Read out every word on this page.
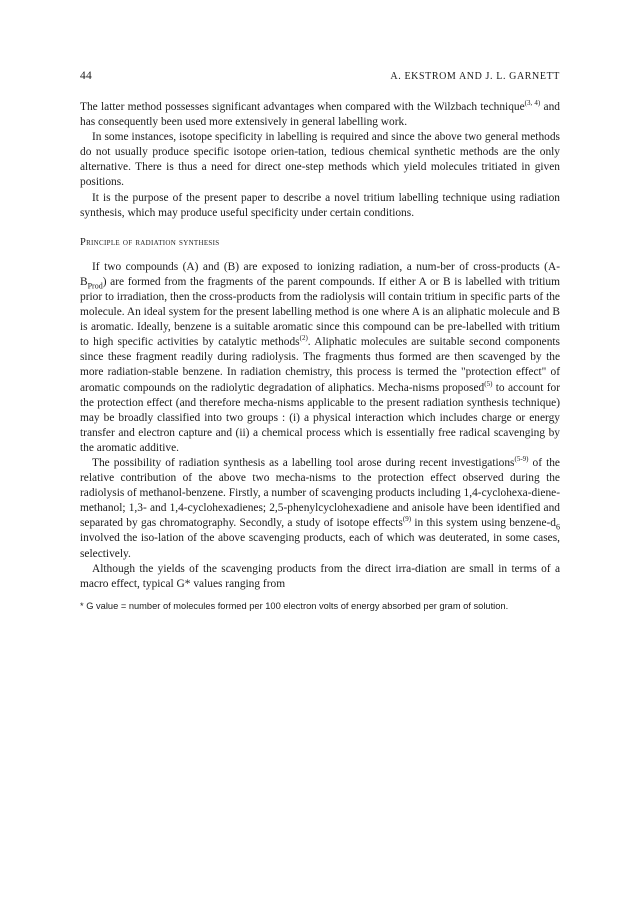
44	A. EKSTROM AND J. L. GARNETT

The latter method possesses significant advantages when compared with the Wilzbach technique$^{(3, 4)}$ and has consequently been used more extensively in general labelling work.

In some instances, isotope specificity in labelling is required and since the above two general methods do not usually produce specific isotope orien-tation, tedious chemical synthetic methods are the only alternative. There is thus a need for direct one-step methods which yield molecules tritiated in given positions.

It is the purpose of the present paper to describe a novel tritium labelling technique using radiation synthesis, which may produce useful specificity under certain conditions.

Principle of radiation synthesis

If two compounds (A) and (B) are exposed to ionizing radiation, a num-ber of cross-products $(A-B_{Prod})$ are formed from the fragments of the parent compounds. If either A or B is labelled with tritium prior to irradiation, then the cross-products from the radiolysis will contain tritium in specific parts of the molecule. An ideal system for the present labelling method is one where A is an aliphatic molecule and B is aromatic. Ideally, benzene is a suitable aromatic since this compound can be pre-labelled with tritium to high specific activities by catalytic methods$^{(2)}$. Aliphatic molecules are suitable second components since these fragment readily during radiolysis. The fragments thus formed are then scavenged by the more radiation-stable benzene. In radiation chemistry, this process is termed the "protection effect" of aromatic compounds on the radiolytic degradation of aliphatics. Mecha-nisms proposed$^{(5)}$ to account for the protection effect (and therefore mecha-nisms applicable to the present radiation synthesis technique) may be broadly classified into two groups : (i) a physical interaction which includes charge or energy transfer and electron capture and (ii) a chemical process which is essentially free radical scavenging by the aromatic additive.

The possibility of radiation synthesis as a labelling tool arose during recent investigations$^{(5-9)}$ of the relative contribution of the above two mecha-nisms to the protection effect observed during the radiolysis of methanol-benzene. Firstly, a number of scavenging products including 1,4-cyclohexa-diene-methanol; 1,3- and 1,4-cyclohexadienes; 2,5-phenylcyclohexadiene and anisole have been identified and separated by gas chromatography. Secondly, a study of isotope effects$^{(9)}$ in this system using benzene-$d_6$ involved the iso-lation of the above scavenging products, each of which was deuterated, in some cases, selectively.

Although the yields of the scavenging products from the direct irra-diation are small in terms of a macro effect, typical G* values ranging from

* G value = number of molecules formed per 100 electron volts of energy absorbed per gram of solution.
